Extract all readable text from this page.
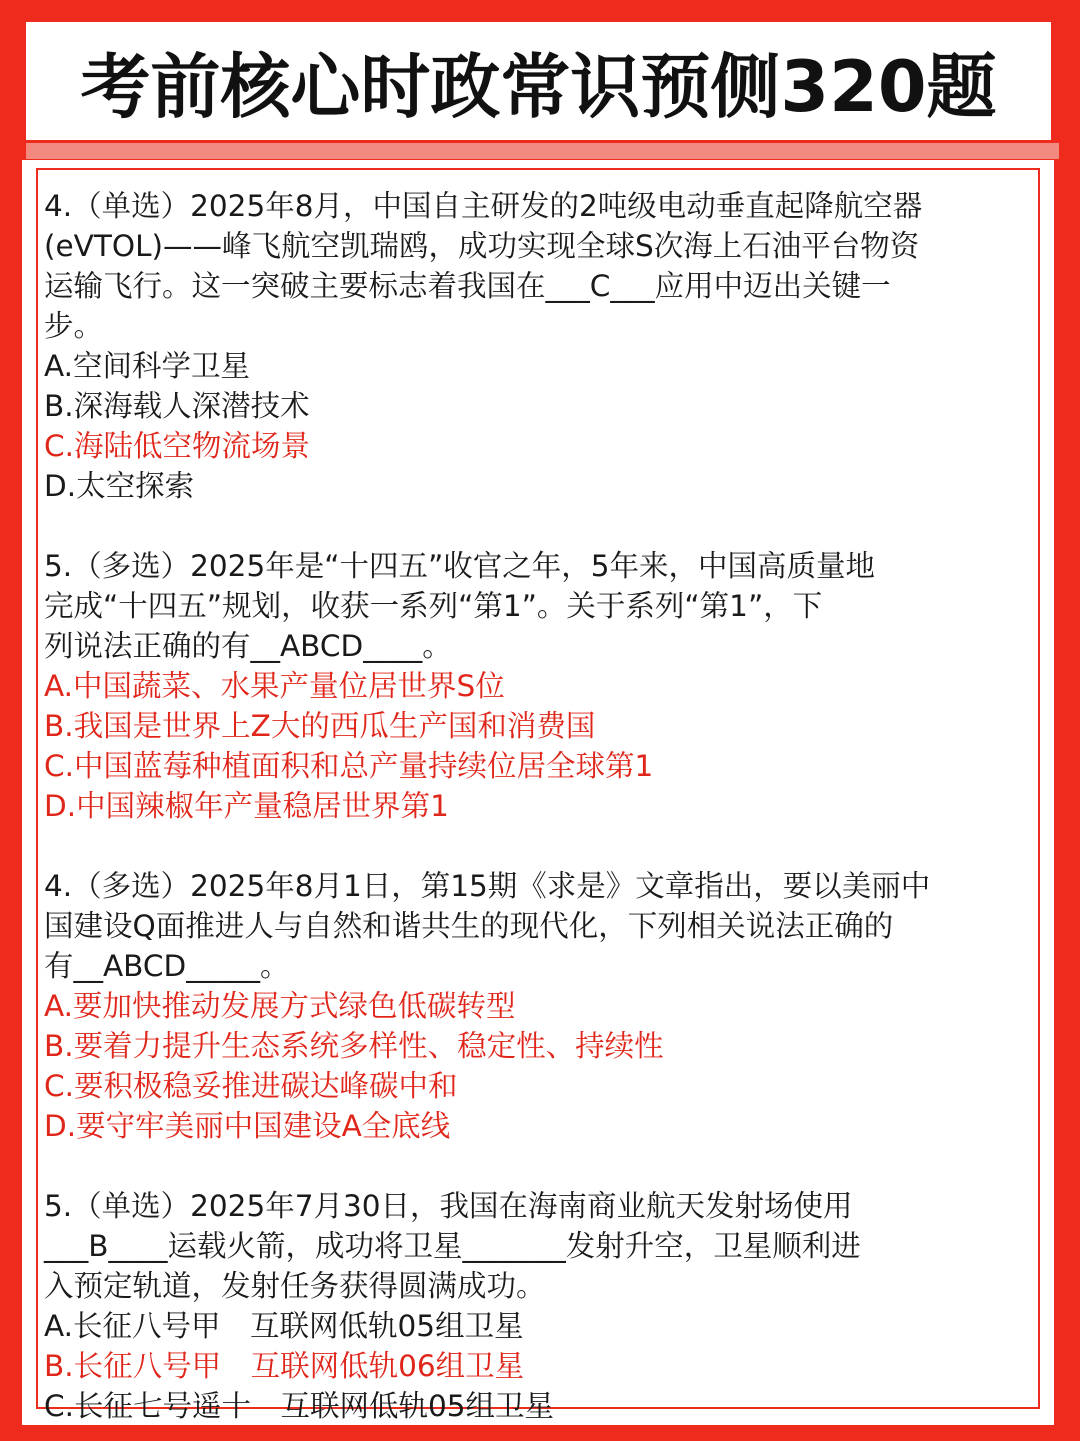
考前核心时政常识预侧320题

4.（单选）2025年8月，中国自主研发的2吨级电动垂直起降航空器

(eVTOL)——峰飞航空凯瑞鸥，成功实现全球S次海上石油平台物资

运输飞行。这一突破主要标志着我国在___C___应用中迈出关键一

步。

A.空间科学卫星

B.深海载人深潜技术

C.海陆低空物流场景

D.太空探索

5.（多选）2025年是“十四五”收官之年，5年来，中国高质量地

完成“十四五”规划，收获一系列“第1”。关于系列“第1”，下

列说法正确的有__ABCD____。

A.中国蔬菜、水果产量位居世界S位

B.我国是世界上Z大的西瓜生产国和消费国

C.中国蓝莓种植面积和总产量持续位居全球第1

D.中国辣椒年产量稳居世界第1

4.（多选）2025年8月1日，第15期《求是》文章指出，要以美丽中

国建设Q面推进人与自然和谐共生的现代化，下列相关说法正确的

有__ABCD_____。

A.要加快推动发展方式绿色低碳转型

B.要着力提升生态系统多样性、稳定性、持续性

C.要积极稳妥推进碳达峰碳中和

D.要守牢美丽中国建设A全底线

5.（单选）2025年7月30日，我国在海南商业航天发射场使用

___B____运载火箭，成功将卫星_______发射升空，卫星顺利进

入预定轨道，发射任务获得圆满成功。

A.长征八号甲　互联网低轨05组卫星

B.长征八号甲　互联网低轨06组卫星

C.长征七号遥十　互联网低轨05组卫星
